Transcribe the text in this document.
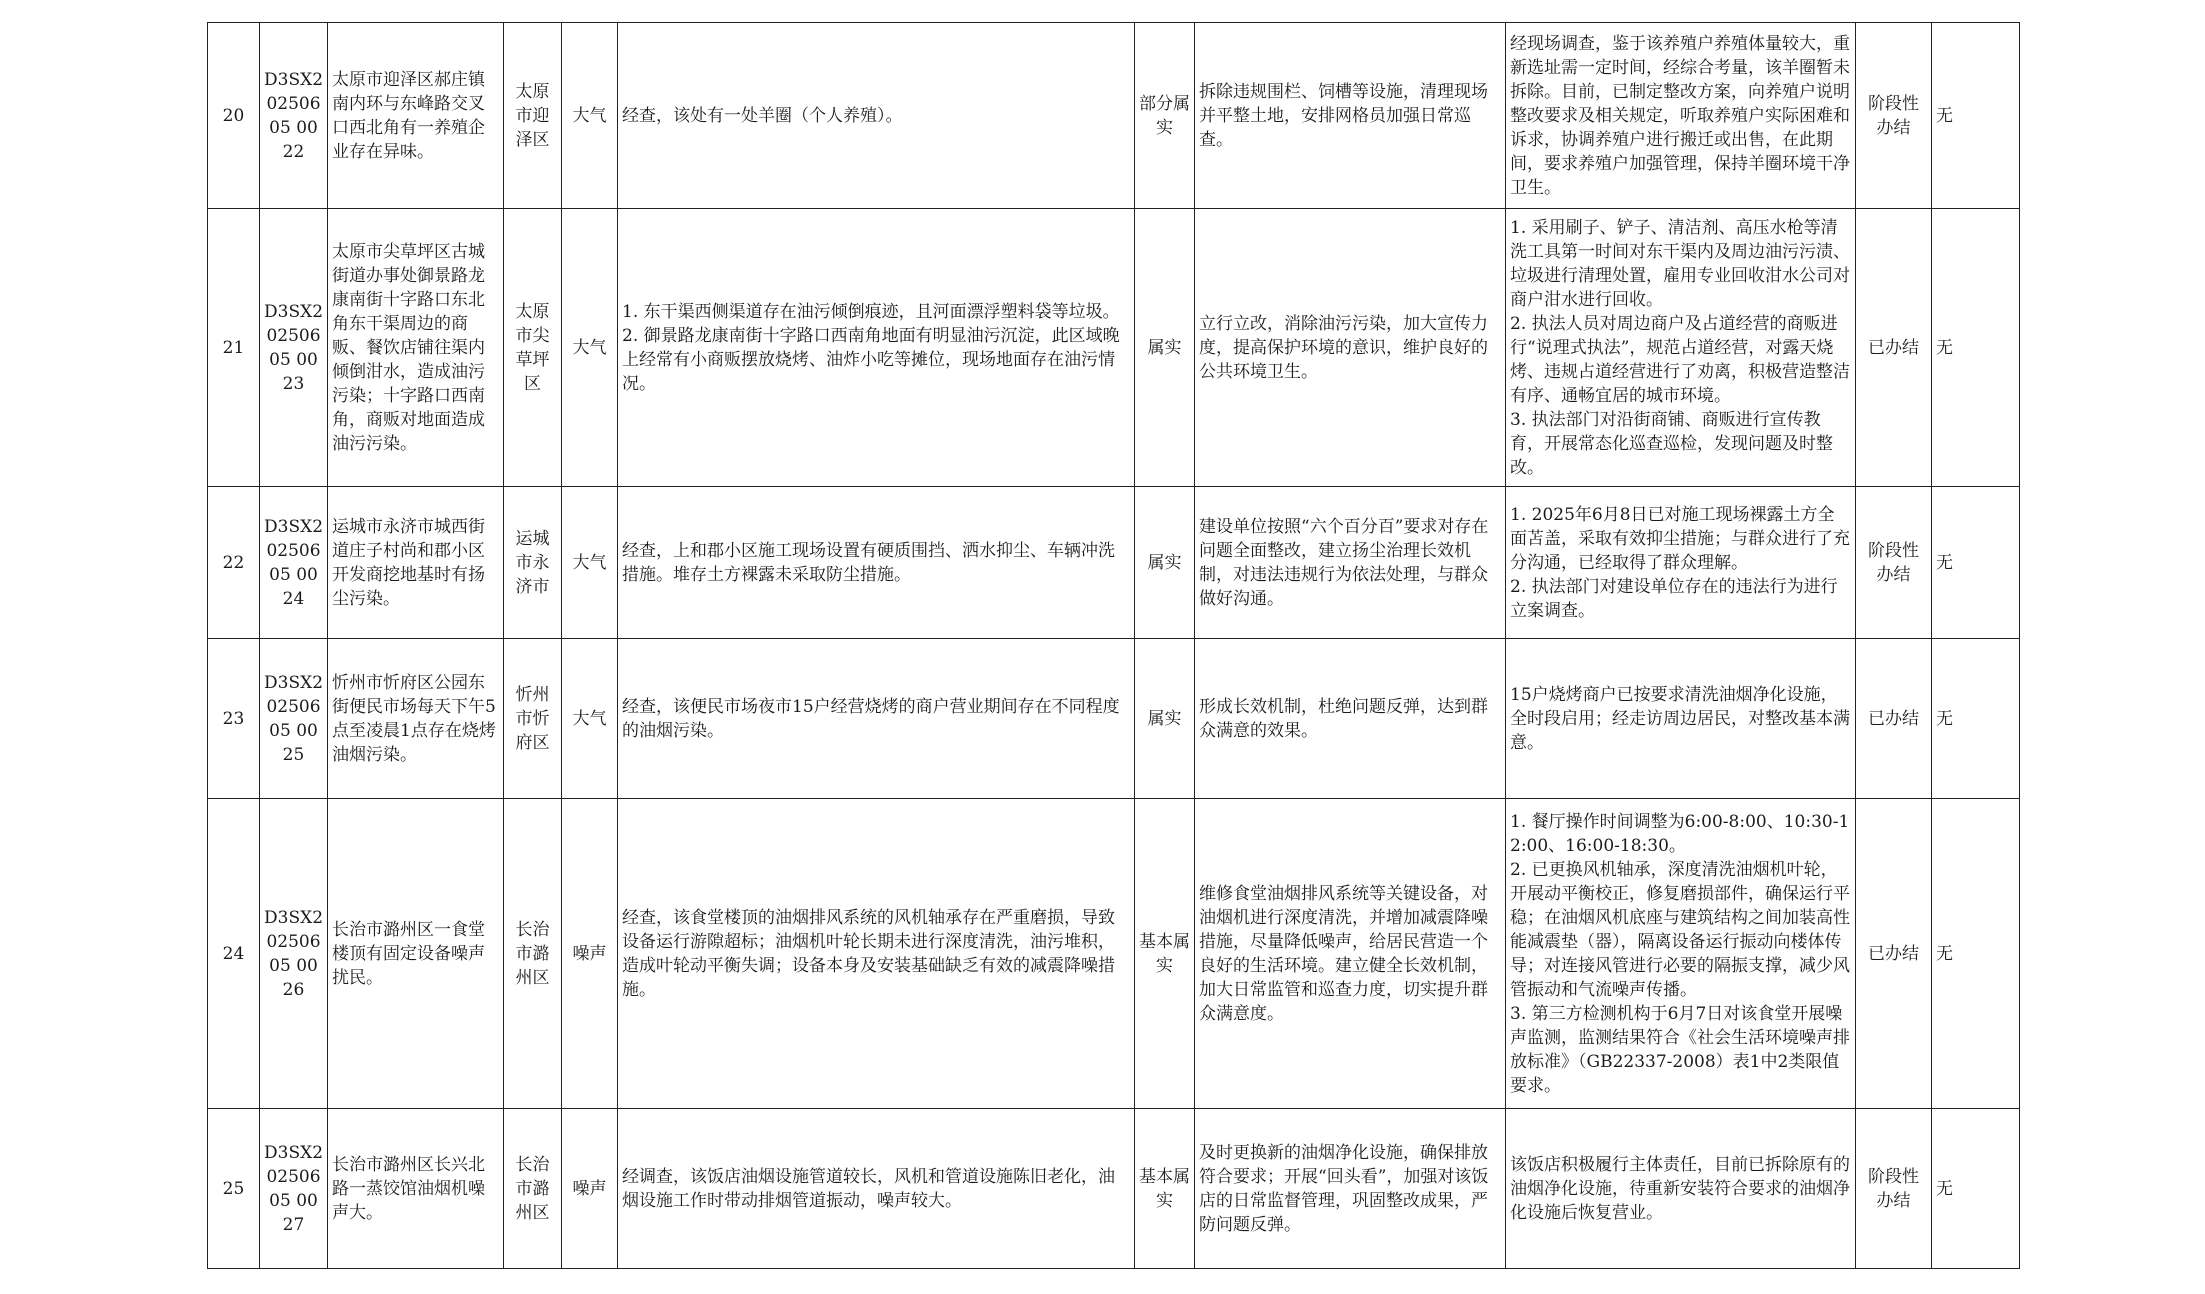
20	D3SX20250605 0022	太原市迎泽区郝庄镇南内环与东峰路交叉口西北角有一养殖企业存在异味。	太原市迎泽区	大气	经查，该处有一处羊圈（个人养殖）。	部分属实	拆除违规围栏、饲槽等设施，清理现场并平整土地，安排网格员加强日常巡查。	经现场调查，鉴于该养殖户养殖体量较大，重新选址需一定时间，经综合考量，该羊圈暂未拆除。目前，已制定整改方案，向养殖户说明整改要求及相关规定，听取养殖户实际困难和诉求，协调养殖户进行搬迁或出售，在此期间，要求养殖户加强管理，保持羊圈环境干净卫生。	阶段性办结	无
21	D3SX20250605 0023	太原市尖草坪区古城街道办事处御景路龙康南街十字路口东北角东干渠周边的商贩、餐饮店铺往渠内倾倒泔水，造成油污污染；十字路口西南角，商贩对地面造成油污污染。	太原市尖草坪区	大气	1. 东干渠西侧渠道存在油污倾倒痕迹，且河面漂浮塑料袋等垃圾。
2. 御景路龙康南街十字路口西南角地面有明显油污沉淀，此区域晚上经常有小商贩摆放烧烤、油炸小吃等摊位，现场地面存在油污情况。	属实	立行立改，消除油污污染，加大宣传力度，提高保护环境的意识，维护良好的公共环境卫生。	1. 采用刷子、铲子、清洁剂、高压水枪等清洗工具第一时间对东干渠内及周边油污污渍、垃圾进行清理处置，雇用专业回收泔水公司对商户泔水进行回收。
2. 执法人员对周边商户及占道经营的商贩进行“说理式执法”，规范占道经营，对露天烧烤、违规占道经营进行了劝离，积极营造整洁有序、通畅宜居的城市环境。
3. 执法部门对沿街商铺、商贩进行宣传教育，开展常态化巡查巡检，发现问题及时整改。	已办结	无
22	D3SX20250605 0024	运城市永济市城西街道庄子村尚和郡小区开发商挖地基时有扬尘污染。	运城市永济市	大气	经查，上和郡小区施工现场设置有硬质围挡、洒水抑尘、车辆冲洗措施。堆存土方裸露未采取防尘措施。	属实	建设单位按照“六个百分百”要求对存在问题全面整改，建立扬尘治理长效机制，对违法违规行为依法处理，与群众做好沟通。	1. 2025年6月8日已对施工现场裸露土方全面苫盖，采取有效抑尘措施；与群众进行了充分沟通，已经取得了群众理解。
2. 执法部门对建设单位存在的违法行为进行立案调查。	阶段性办结	无
23	D3SX20250605 0025	忻州市忻府区公园东街便民市场每天下午5点至凌晨1点存在烧烤油烟污染。	忻州市忻府区	大气	经查，该便民市场夜市15户经营烧烤的商户营业期间存在不同程度的油烟污染。	属实	形成长效机制，杜绝问题反弹，达到群众满意的效果。	15户烧烤商户已按要求清洗油烟净化设施，全时段启用；经走访周边居民，对整改基本满意。	已办结	无
24	D3SX20250605 0026	长治市潞州区一食堂楼顶有固定设备噪声扰民。	长治市潞州区	噪声	经查，该食堂楼顶的油烟排风系统的风机轴承存在严重磨损，导致设备运行游隙超标；油烟机叶轮长期未进行深度清洗，油污堆积，造成叶轮动平衡失调；设备本身及安装基础缺乏有效的减震降噪措施。	基本属实	维修食堂油烟排风系统等关键设备，对油烟机进行深度清洗，并增加减震降噪措施，尽量降低噪声，给居民营造一个良好的生活环境。建立健全长效机制，加大日常监管和巡查力度，切实提升群众满意度。	1. 餐厅操作时间调整为6:00-8:00、10:30-12:00、16:00-18:30。
2. 已更换风机轴承，深度清洗油烟机叶轮，开展动平衡校正，修复磨损部件，确保运行平稳；在油烟风机底座与建筑结构之间加装高性能减震垫（器），隔离设备运行振动向楼体传导；对连接风管进行必要的隔振支撑，减少风管振动和气流噪声传播。
3. 第三方检测机构于6月7日对该食堂开展噪声监测，监测结果符合《社会生活环境噪声排放标准》（GB22337-2008）表1中2类限值要求。	已办结	无
25	D3SX20250605 0027	长治市潞州区长兴北路一蒸饺馆油烟机噪声大。	长治市潞州区	噪声	经调查，该饭店油烟设施管道较长，风机和管道设施陈旧老化，油烟设施工作时带动排烟管道振动，噪声较大。	基本属实	及时更换新的油烟净化设施，确保排放符合要求；开展“回头看”，加强对该饭店的日常监督管理，巩固整改成果，严防问题反弹。	该饭店积极履行主体责任，目前已拆除原有的油烟净化设施，待重新安装符合要求的油烟净化设施后恢复营业。	阶段性办结	无
